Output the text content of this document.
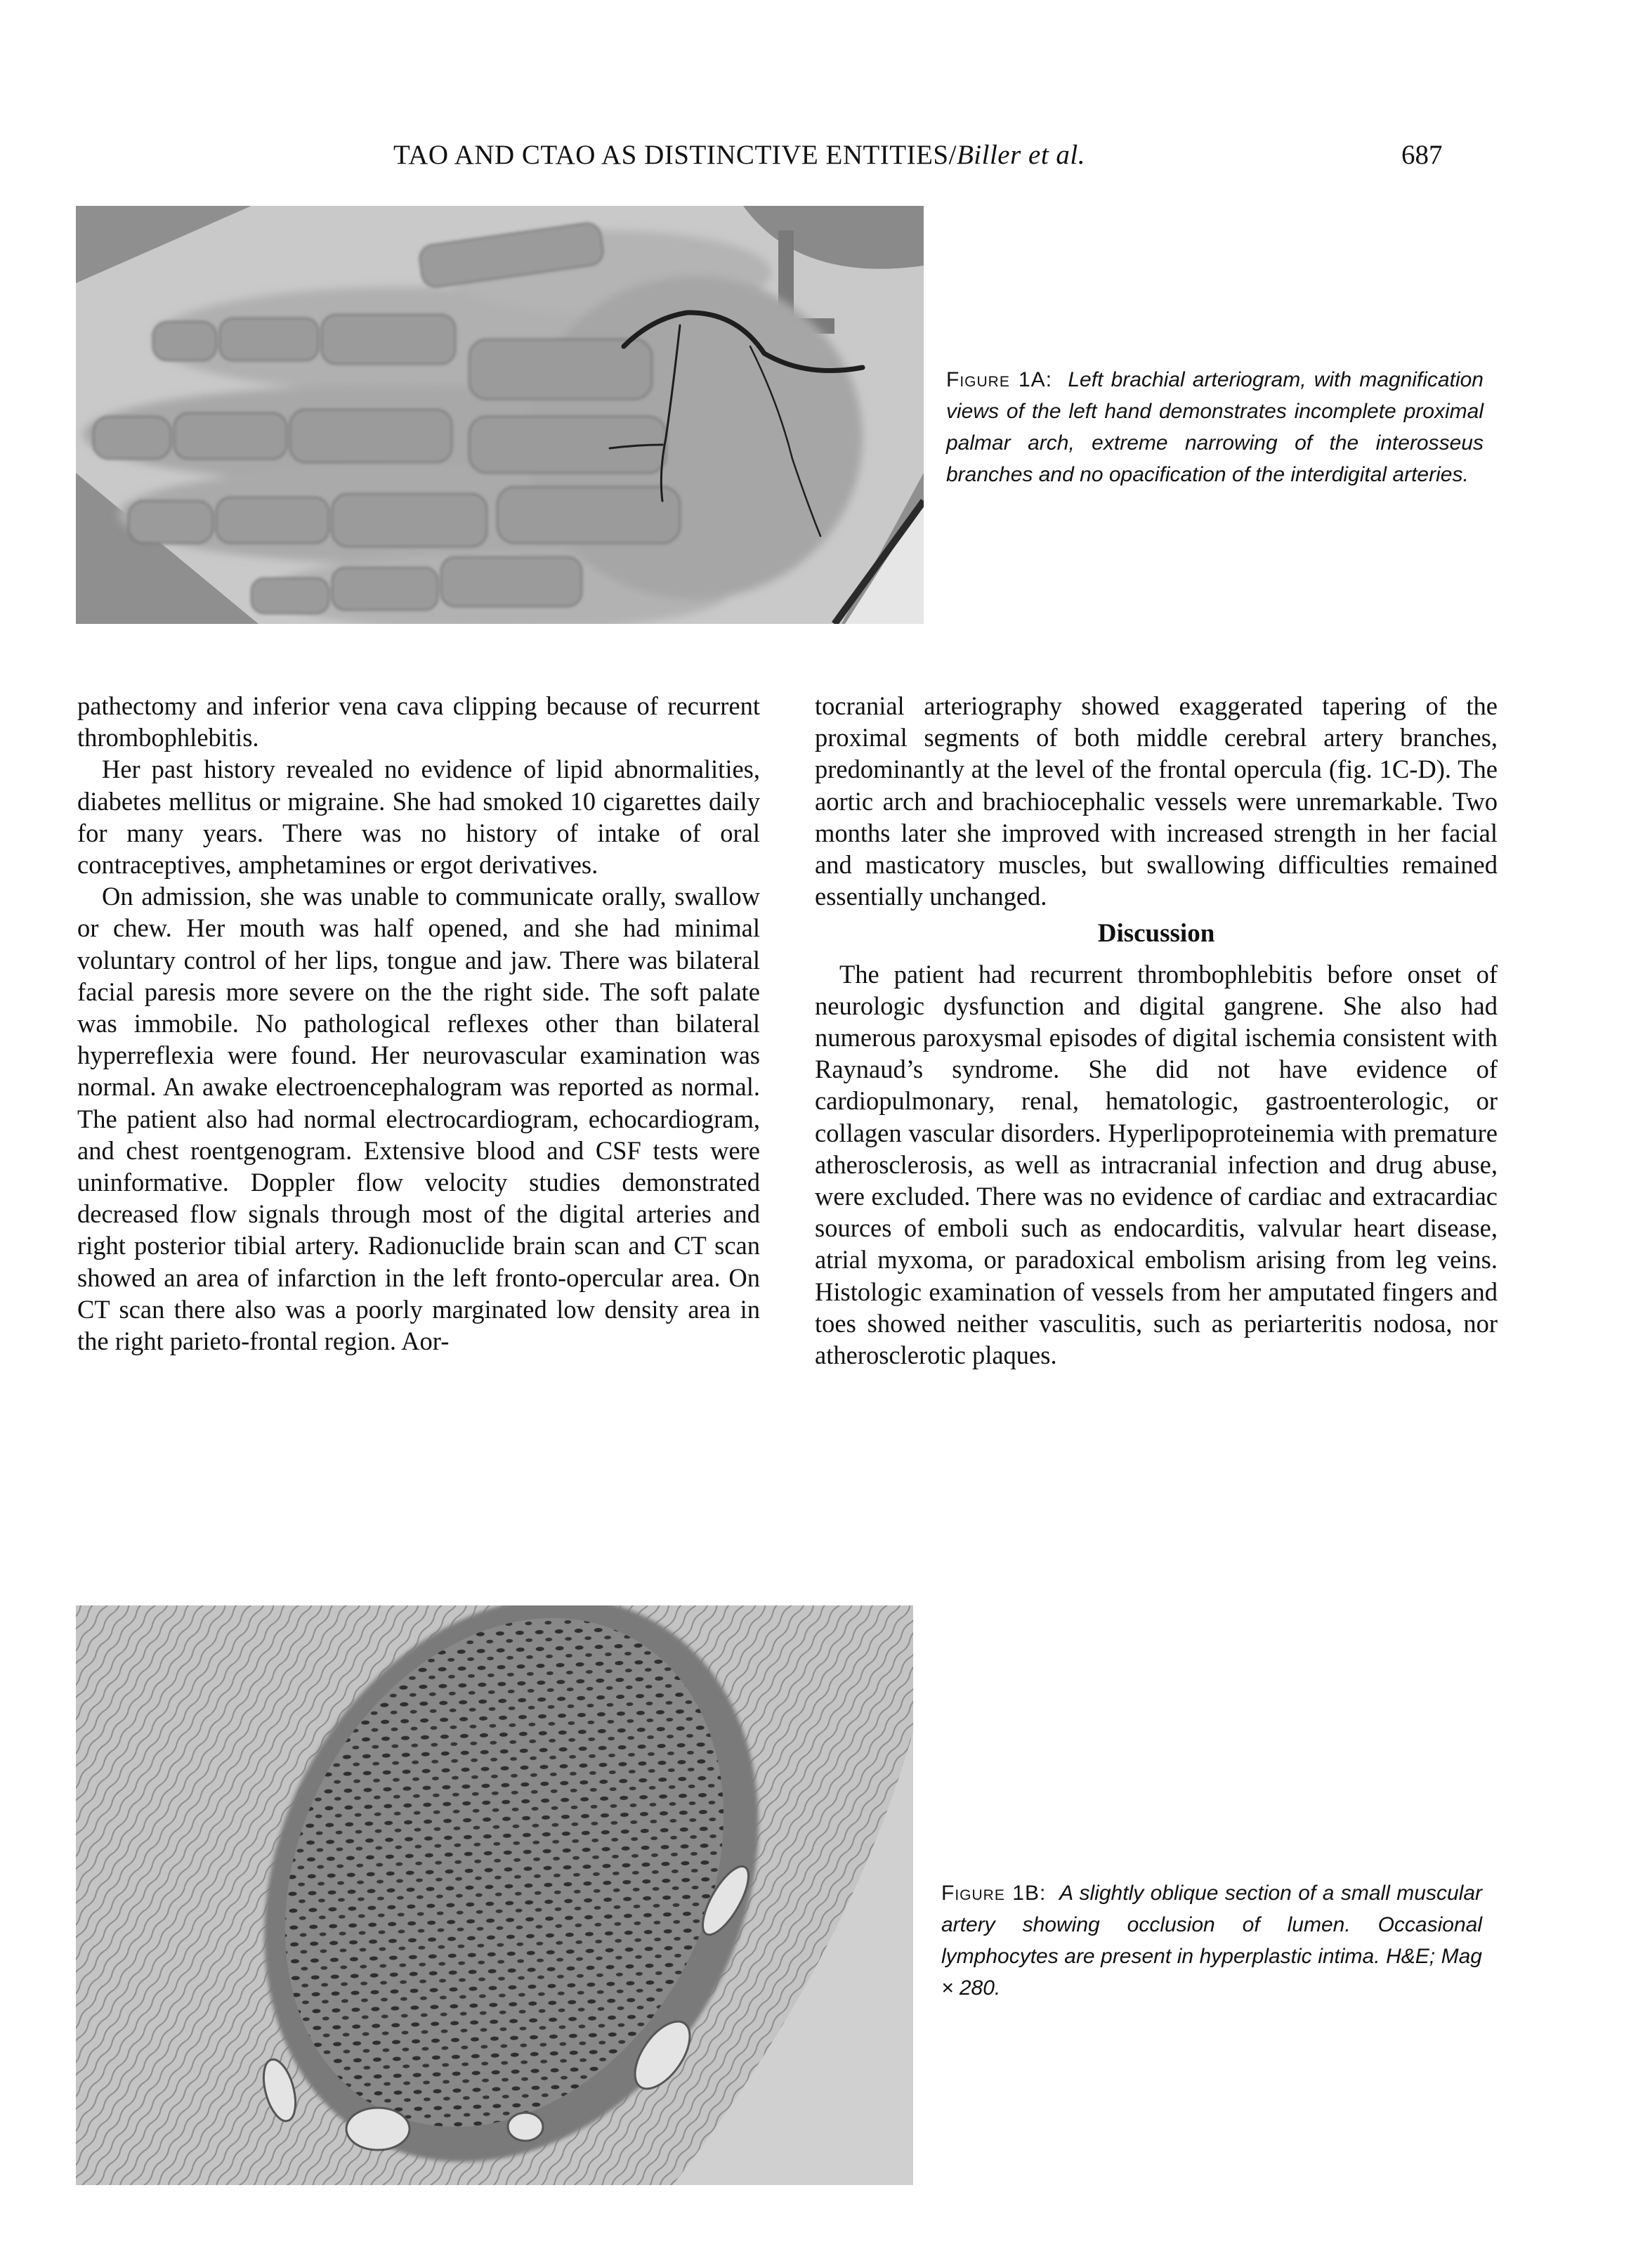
TAO AND CTAO AS DISTINCTIVE ENTITIES/Biller et al.	687
Figure 1A: Left brachial arteriogram, with magnification views of the left hand demonstrates incomplete proximal palmar arch, extreme narrowing of the interosseus branches and no opacification of the interdigital arteries.

pathectomy and inferior vena cava clipping because of recurrent thrombophlebitis.

Her past history revealed no evidence of lipid abnormalities, diabetes mellitus or migraine. She had smoked 10 cigarettes daily for many years. There was no history of intake of oral contraceptives, amphetamines or ergot derivatives.

On admission, she was unable to communicate orally, swallow or chew. Her mouth was half opened, and she had minimal voluntary control of her lips, tongue and jaw. There was bilateral facial paresis more severe on the the right side. The soft palate was immobile. No pathological reflexes other than bilateral hyperreflexia were found. Her neurovascular examination was normal. An awake electroencephalogram was reported as normal. The patient also had normal electrocardiogram, echocardiogram, and chest roentgenogram. Extensive blood and CSF tests were uninformative. Doppler flow velocity studies demonstrated decreased flow signals through most of the digital arteries and right posterior tibial artery. Radionuclide brain scan and CT scan showed an area of infarction in the left fronto-opercular area. On CT scan there also was a poorly marginated low density area in the right parieto-frontal region. Aor-

tocranial arteriography showed exaggerated tapering of the proximal segments of both middle cerebral artery branches, predominantly at the level of the frontal opercula (fig. 1C-D). The aortic arch and brachiocephalic vessels were unremarkable. Two months later she improved with increased strength in her facial and masticatory muscles, but swallowing difficulties remained essentially unchanged.

Discussion

The patient had recurrent thrombophlebitis before onset of neurologic dysfunction and digital gangrene. She also had numerous paroxysmal episodes of digital ischemia consistent with Raynaud’s syndrome. She did not have evidence of cardiopulmonary, renal, hematologic, gastroenterologic, or collagen vascular disorders. Hyperlipoproteinemia with premature atherosclerosis, as well as intracranial infection and drug abuse, were excluded. There was no evidence of cardiac and extracardiac sources of emboli such as endocarditis, valvular heart disease, atrial myxoma, or paradoxical embolism arising from leg veins. Histologic examination of vessels from her amputated fingers and toes showed neither vasculitis, such as periarteritis nodosa, nor atherosclerotic plaques.

Figure 1B: A slightly oblique section of a small muscular artery showing occlusion of lumen. Occasional lymphocytes are present in hyperplastic intima. H&E; Mag × 280.
